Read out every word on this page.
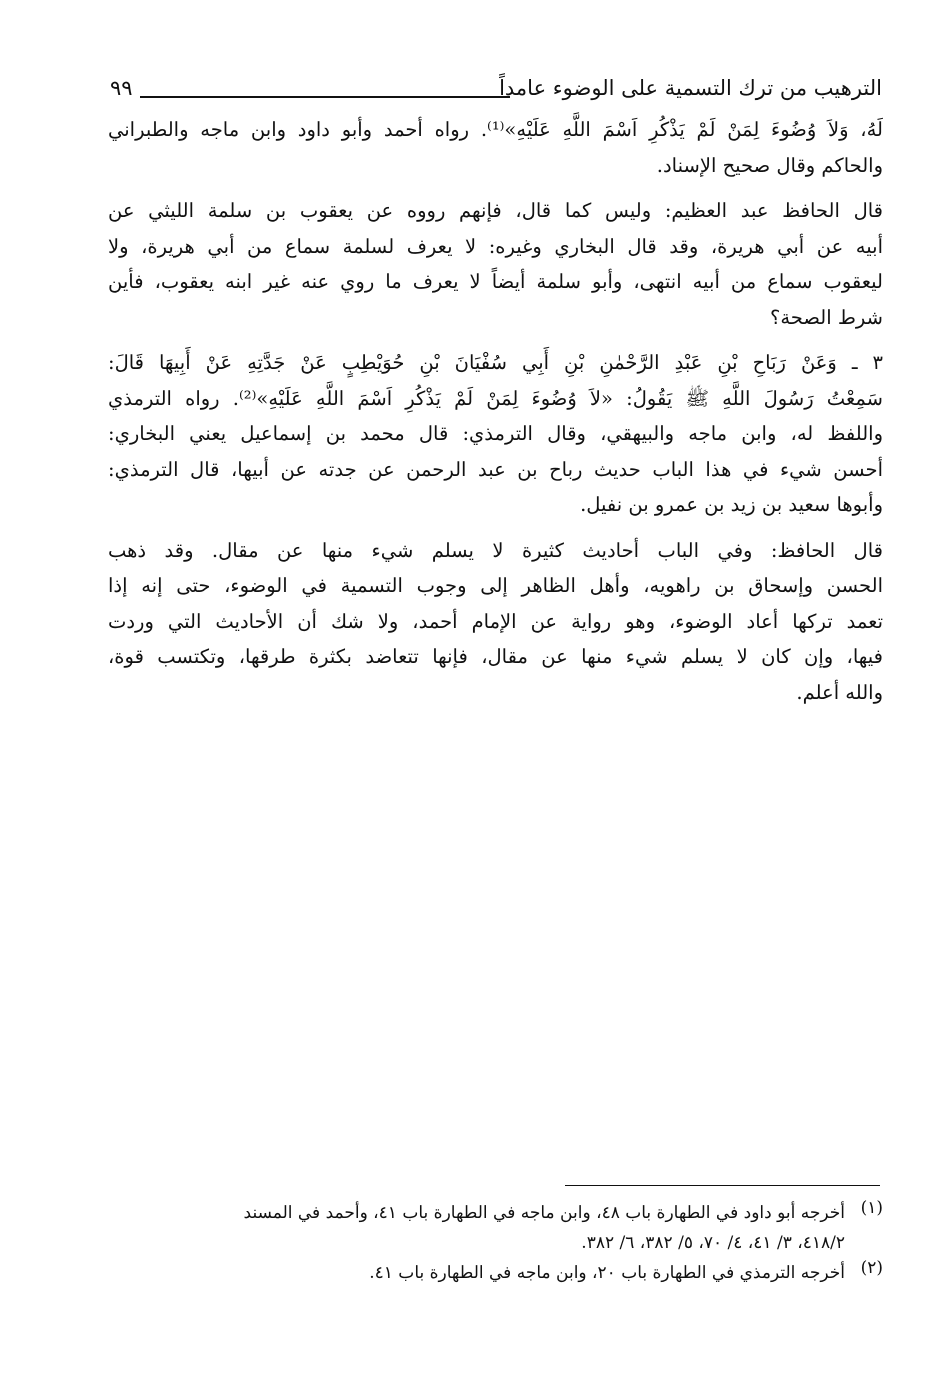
الترهيب من ترك التسمية على الوضوء عامداً
٩٩
لَهُ، وَلاَ وُضُوءَ لِمَنْ لَمْ يَذْكُرِ اَسْمَ اللَّهِ عَلَيْهِ»⁽¹⁾. رواه أحمد وأبو داود وابن ماجه والطبراني
والحاكم وقال صحيح الإسناد.
قال الحافظ عبد العظيم: وليس كما قال، فإنهم رووه عن يعقوب بن سلمة الليثي عن
أبيه عن أبي هريرة، وقد قال البخاري وغيره: لا يعرف لسلمة سماع من أبي هريرة، ولا
ليعقوب سماع من أبيه انتهى، وأبو سلمة أيضاً لا يعرف ما روي عنه غير ابنه يعقوب، فأين
شرط الصحة؟
٣ ـ وَعَنْ رَبَاحِ بْنِ عَبْدِ الرَّحْمٰنِ بْنِ أَبِي سُفْيَانَ بْنِ حُوَيْطِبٍ عَنْ جَدَّتِهِ عَنْ أَبِيهَا قَالَ:
سَمِعْتُ رَسُولَ اللَّهِ ﷺ يَقُولُ: «لاَ وُضُوءَ لِمَنْ لَمْ يَذْكُرِ اَسْمَ اللَّهِ عَلَيْهِ»⁽²⁾. رواه الترمذي
واللفظ له، وابن ماجه والبيهقي، وقال الترمذي: قال محمد بن إسماعيل يعني البخاري:
أحسن شيء في هذا الباب حديث رباح بن عبد الرحمن عن جدته عن أبيها، قال الترمذي:
وأبوها سعيد بن زيد بن عمرو بن نفيل.
قال الحافظ: وفي الباب أحاديث كثيرة لا يسلم شيء منها عن مقال. وقد ذهب
الحسن وإسحاق بن راهويه، وأهل الظاهر إلى وجوب التسمية في الوضوء، حتى إنه إذا
تعمد تركها أعاد الوضوء، وهو رواية عن الإمام أحمد، ولا شك أن الأحاديث التي وردت
فيها، وإن كان لا يسلم شيء منها عن مقال، فإنها تتعاضد بكثرة طرقها، وتكتسب قوة،
والله أعلم.
(١)
أخرجه أبو داود في الطهارة باب ٤٨، وابن ماجه في الطهارة باب ٤١، وأحمد في المسند
٤١٨/٢، ٣/ ٤١، ٤/ ٧٠، ٥/ ٣٨٢، ٦/ ٣٨٢.
(٢)
أخرجه الترمذي في الطهارة باب ٢٠، وابن ماجه في الطهارة باب ٤١.
